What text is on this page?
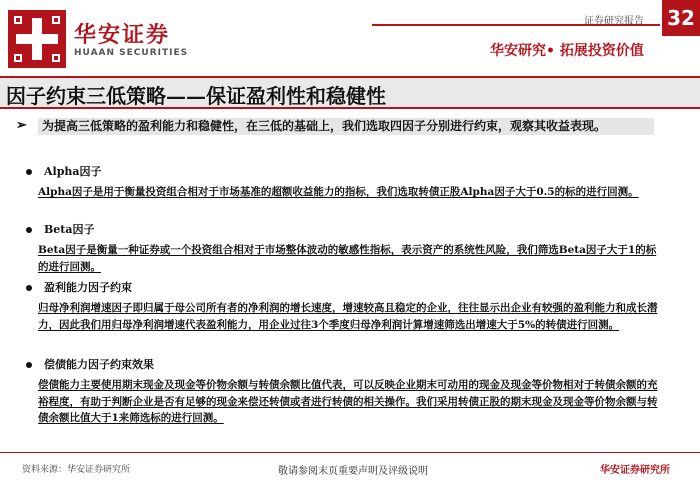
华安证券
HUAAN SECURITIES
证券研究报告 32
华安研究• 拓展投资价值
因子约束三低策略——保证盈利性和稳健性
➢	为提高三低策略的盈利能力和稳健性，在三低的基础上，我们选取四因子分别进行约束，观察其收益表现。
Alpha因子
Alpha因子是用于衡量投资组合相对于市场基准的超额收益能力的指标，我们选取转债正股Alpha因子大于0.5的标的进行回测。
Beta因子
Beta因子是衡量一种证券或一个投资组合相对于市场整体波动的敏感性指标，表示资产的系统性风险，我们筛选Beta因子大于1的标的进行回测。
盈利能力因子约束
归母净利润增速因子即归属于母公司所有者的净利润的增长速度，增速较高且稳定的企业，往往显示出企业有较强的盈利能力和成长潜力，因此我们用归母净利润增速代表盈利能力，用企业过往3个季度归母净利润计算增速筛选出增速大于5%的转债进行回测。
偿债能力因子约束效果
偿债能力主要使用期末现金及现金等价物余额与转债余额比值代表，可以反映企业期末可动用的现金及现金等价物相对于转债余额的充裕程度，有助于判断企业是否有足够的现金来偿还转债或者进行转债的相关操作。我们采用转债正股的期末现金及现金等价物余额与转债余额比值大于1来筛选标的进行回测。
资料来源：华安证券研究所	敬请参阅末页重要声明及评级说明	华安证券研究所
